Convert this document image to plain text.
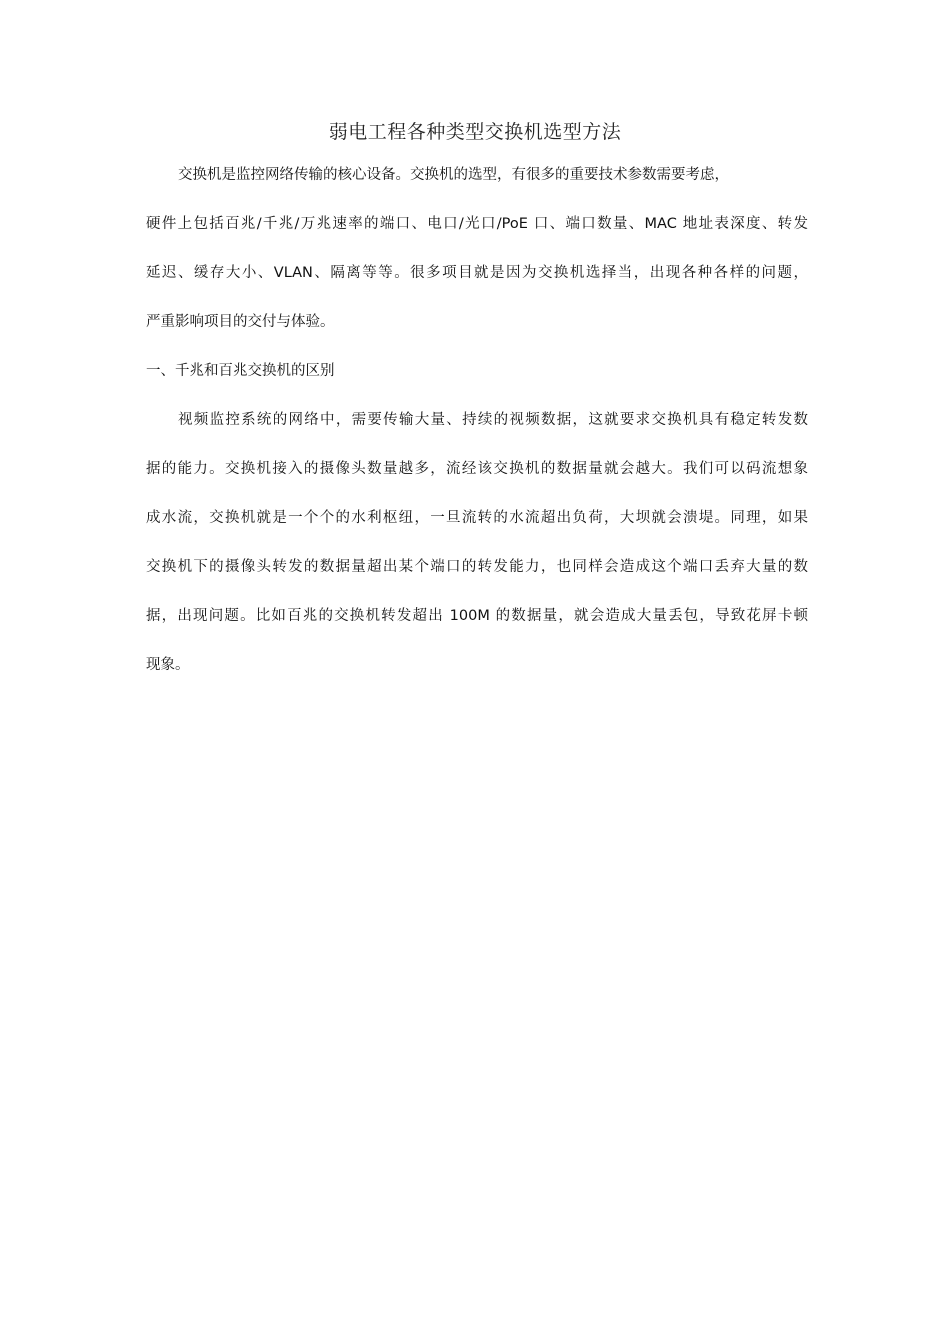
弱电工程各种类型交换机选型方法
交换机是监控网络传输的核心设备。交换机的选型，有很多的重要技术参数需要考虑，
硬件上包括百兆/千兆/万兆速率的端口、电口/光口/PoE 口、端口数量、MAC 地址表深度、转发
延迟、缓存大小、VLAN、隔离等等。很多项目就是因为交换机选择当，出现各种各样的问题，
严重影响项目的交付与体验。
一、千兆和百兆交换机的区别
视频监控系统的网络中，需要传输大量、持续的视频数据，这就要求交换机具有稳定转发数
据的能力。交换机接入的摄像头数量越多，流经该交换机的数据量就会越大。我们可以码流想象
成水流，交换机就是一个个的水利枢纽，一旦流转的水流超出负荷，大坝就会溃堤。同理，如果
交换机下的摄像头转发的数据量超出某个端口的转发能力，也同样会造成这个端口丢弃大量的数
据，出现问题。比如百兆的交换机转发超出 100M 的数据量，就会造成大量丢包，导致花屏卡顿
现象。
